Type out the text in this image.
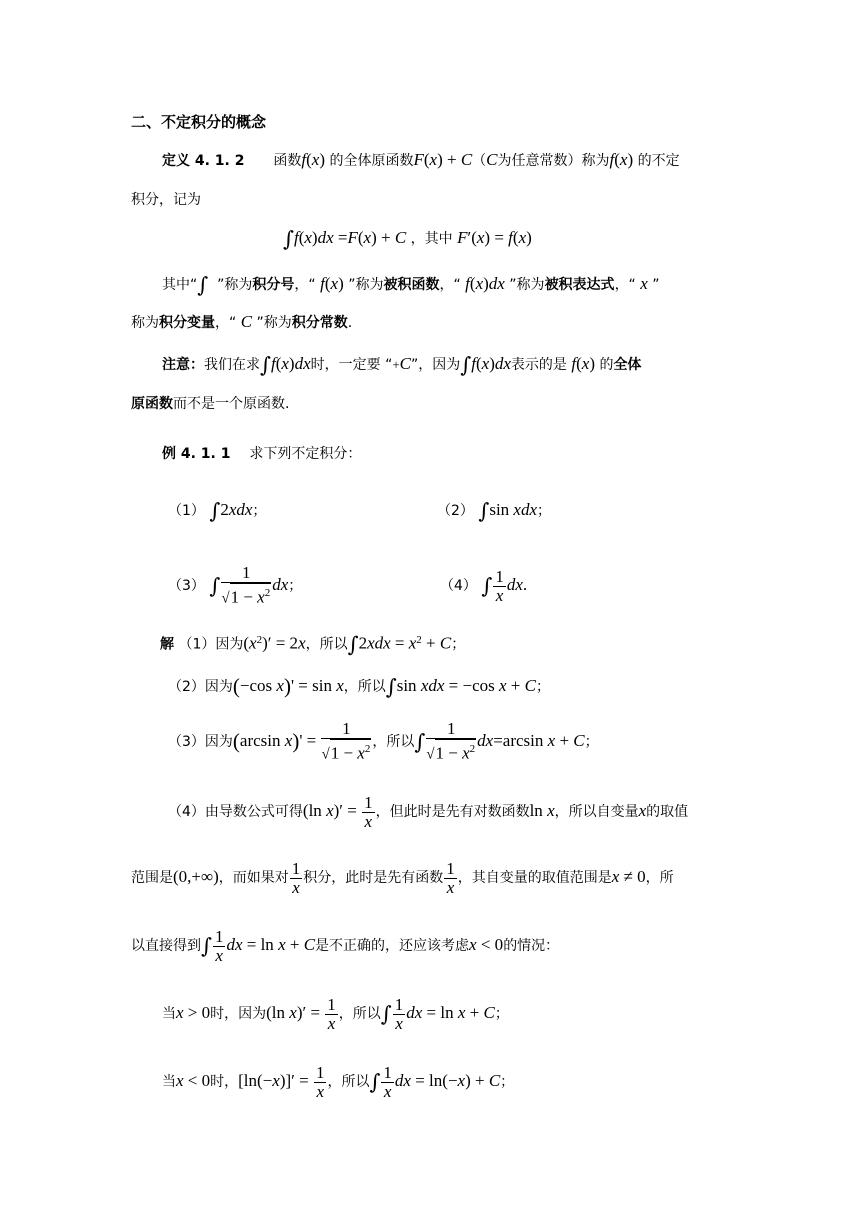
二、不定积分的概念
定义 4. 1. 2 函数f(x) 的全体原函数F(x) + C（C为任意常数）称为f(x) 的不定
积分，记为
∫f(x)dx =F(x) + C ，其中 F′(x) = f(x)
其中“∫ ”称为积分号，“ f(x) ”称为被积函数，“ f(x)dx ”称为被积表达式，“ x ”
称为积分变量，“ C ”称为积分常数.
注意：我们在求∫f(x)dx时，一定要 “+C”，因为∫f(x)dx表示的是 f(x) 的全体
原函数而不是一个原函数.
例 4. 1. 1 求下列不定积分：
（1） ∫2xdx；	（2） ∫sin xdx；
（3） ∫ $\frac{1}{√1 - x^2}$ dx；	（4） ∫ $\frac{1}{x}$ dx.
解 （1）因为$(x^2)' = 2x$，所以$\int 2xdx = x^2 + C$；
（2）因为(−cos x)' = sin x，所以∫sin xdx = −cos x + C；
（3）因为(arcsin $x)' = \frac{1}{√1 - x^2}$ ，所以∫ $\frac{1}{√1 - x^2} dx=\arcsin$ x + C；
（4）由导数公式可得(ln $x)' = \frac{1}{x}$ ，但此时是先有对数函数ln x，所以自变量x的取值
范围是(0,+∞)，而如果对 $\frac{1}{x}$ 积分，此时是先有函数 $\frac{1}{x}$ ，其自变量的取值范围是x ≠ 0，所
以直接得到∫ $\frac{1}{x}$ dx = ln x + C是不正确的，还应该考虑x < 0的情况：
当x > 0时，因为(ln $x)' = \frac{1}{x}$ ，所以∫ $\frac{1}{x}$ dx = ln x + C；
当x < 0时，$[\ln(-x)]' = \frac{1}{x}$ ，所以∫ $\frac{1}{x}$ dx = ln(−x) + C；
